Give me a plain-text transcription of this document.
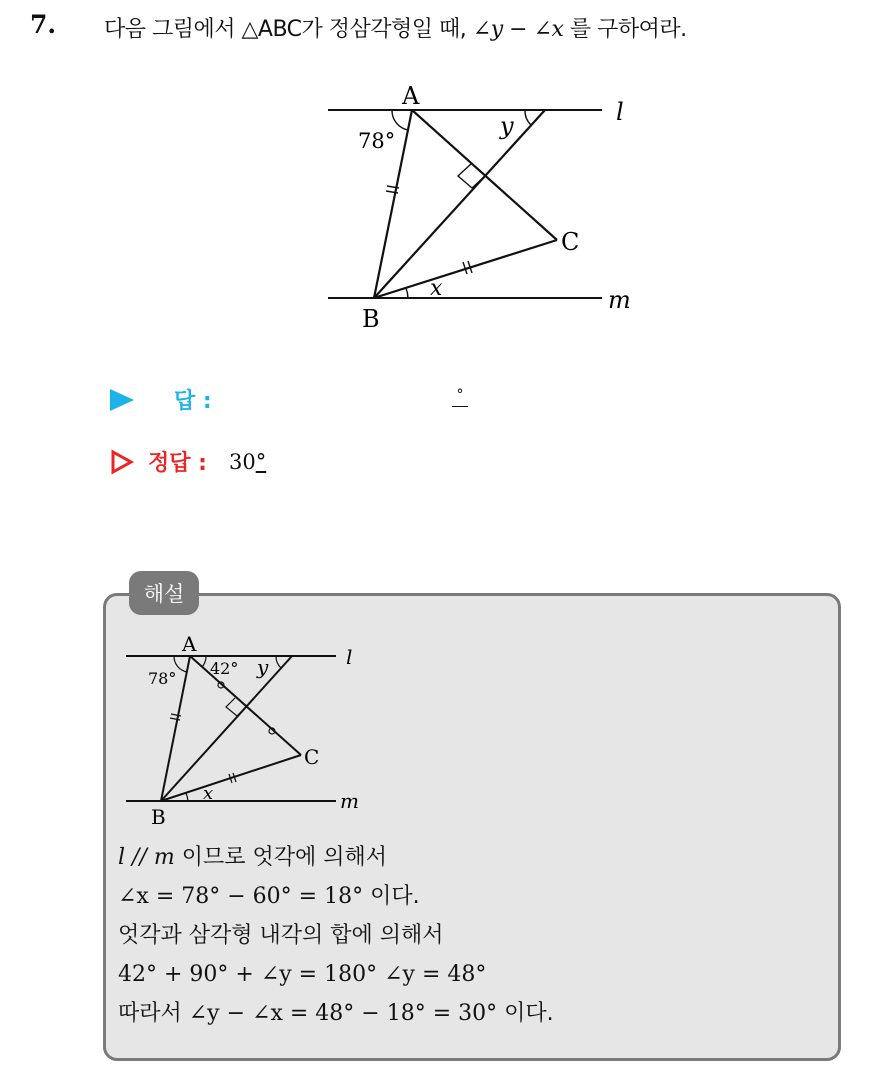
7. 다음 그림에서 △ABC가 정삼각형일 때, ∠y − ∠x 를 구하여라.
A
B
C
l
m
78°
y
x
답 :	°
정답 : 30°
해설
A
B
C
l
m
78°
42° y
x
l // m 이므로 엇각에 의해서
∠x = 78° − 60° = 18° 이다.
엇각과 삼각형 내각의 합에 의해서
42° + 90° + ∠y = 180° ∠y = 48°
따라서 ∠y − ∠x = 48° − 18° = 30° 이다.
